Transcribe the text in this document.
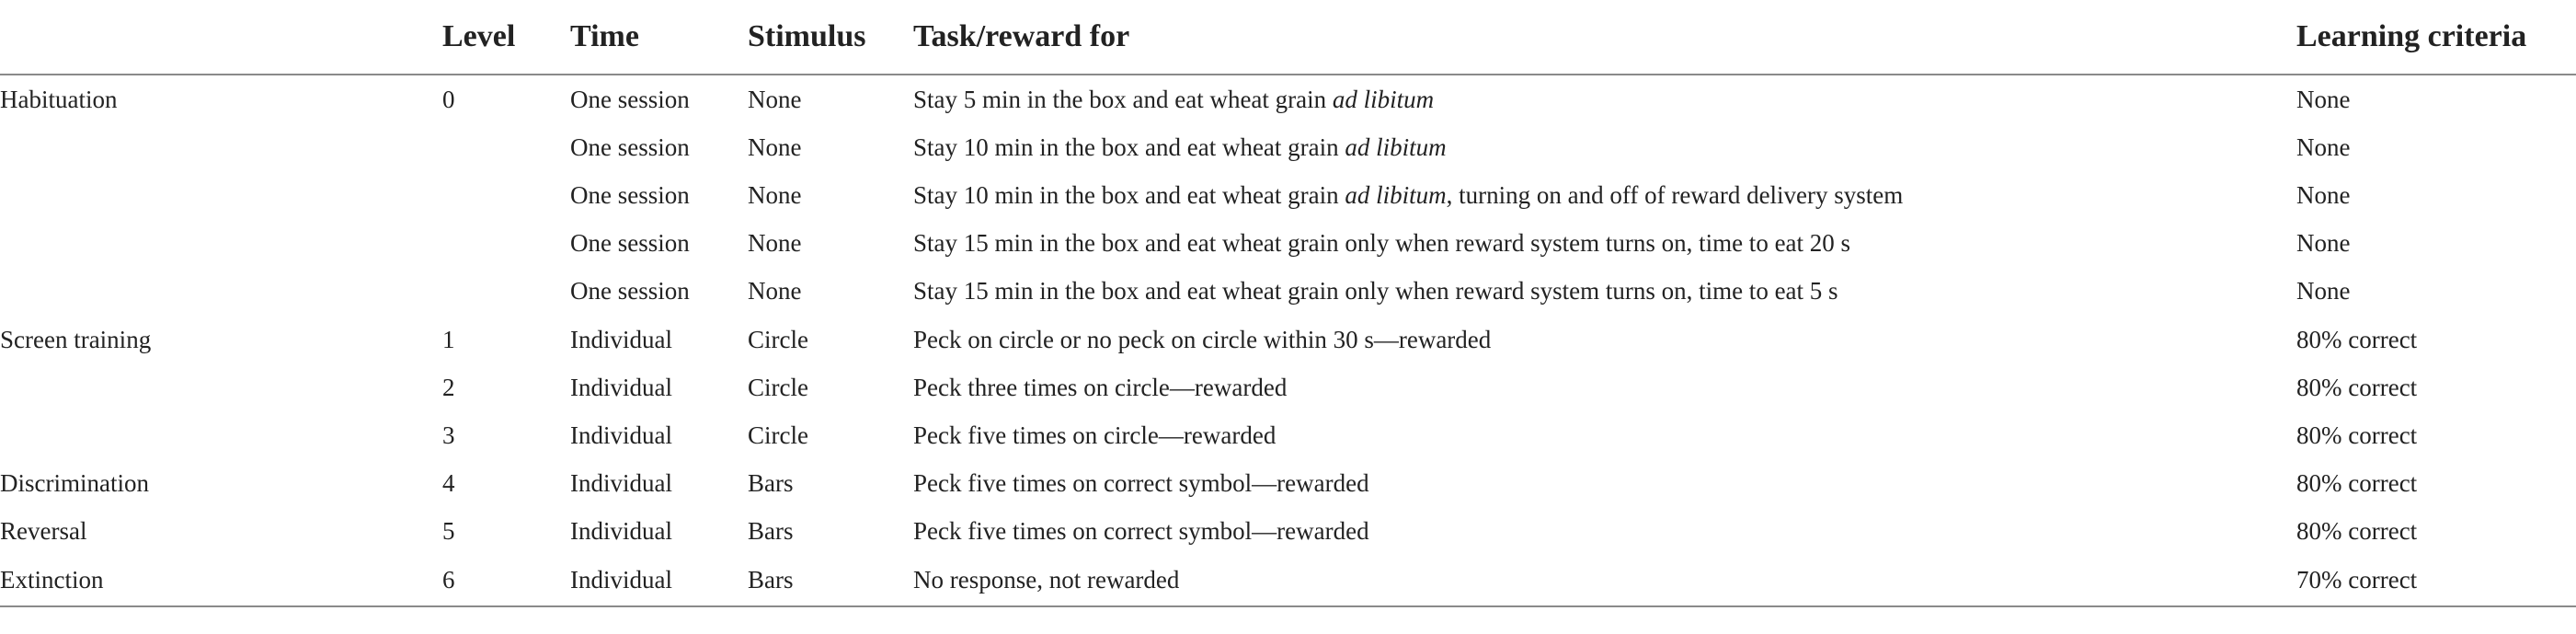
	Level	Time	Stimulus	Task/reward for	Learning criteria
Habituation	0	One session	None	Stay 5 min in the box and eat wheat grain ad libitum	None
		One session	None	Stay 10 min in the box and eat wheat grain ad libitum	None
		One session	None	Stay 10 min in the box and eat wheat grain ad libitum, turning on and off of reward delivery system	None
		One session	None	Stay 15 min in the box and eat wheat grain only when reward system turns on, time to eat 20 s	None
		One session	None	Stay 15 min in the box and eat wheat grain only when reward system turns on, time to eat 5 s	None
Screen training	1	Individual	Circle	Peck on circle or no peck on circle within 30 s—rewarded	80% correct
	2	Individual	Circle	Peck three times on circle—rewarded	80% correct
	3	Individual	Circle	Peck five times on circle—rewarded	80% correct
Discrimination	4	Individual	Bars	Peck five times on correct symbol—rewarded	80% correct
Reversal	5	Individual	Bars	Peck five times on correct symbol—rewarded	80% correct
Extinction	6	Individual	Bars	No response, not rewarded	70% correct
